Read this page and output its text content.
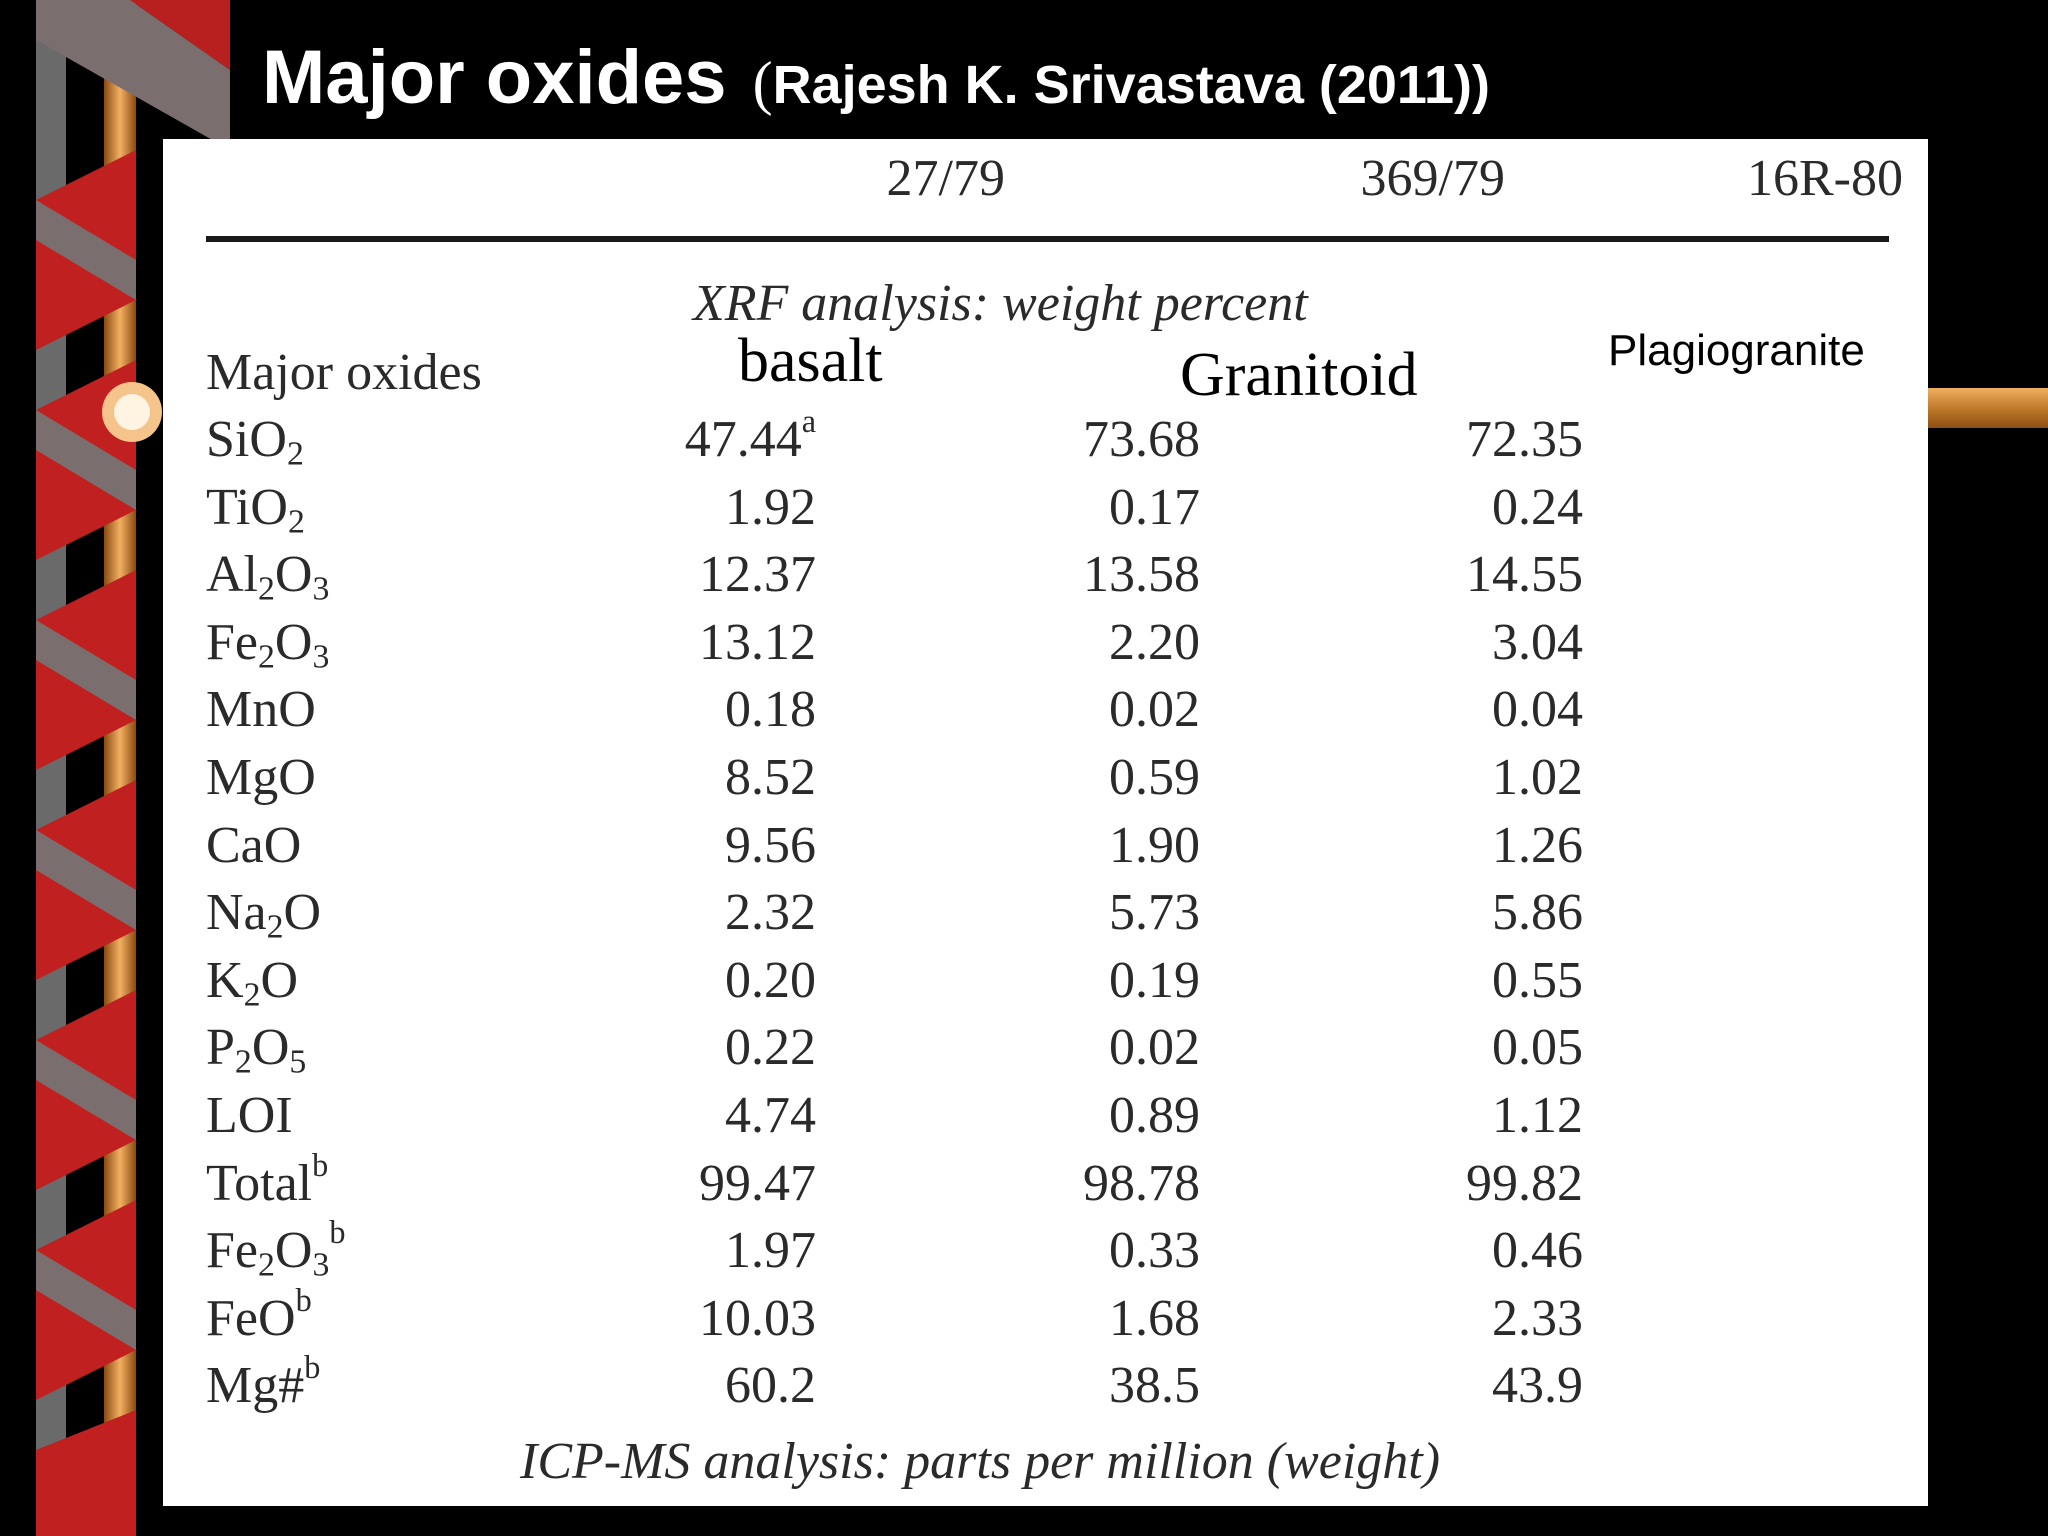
Major oxides (Rajesh K. Srivastava (2011))
27/79	369/79	16R-80
XRF analysis: weight percent
Major oxides	basalt	Granitoid	Plagiogranite
SiO$_2$	47.44$^a$	73.68	72.35
TiO$_2$	1.92	0.17	0.24
$Al_2O_3$	12.37	13.58	14.55
$Fe_2O_3$	13.12	2.20	3.04
MnO	0.18	0.02	0.04
MgO	8.52	0.59	1.02
CaO	9.56	1.90	1.26
$Na_2O$	2.32	5.73	5.86
$K_2O$	0.20	0.19	0.55
$P_2O_5$	0.22	0.02	0.05
LOI	4.74	0.89	1.12
Total$^b$	99.47	98.78	99.82
$Fe_2O_3^b$	1.97	0.33	0.46
FeO$^b$	10.03	1.68	2.33
Mg#$^b$	60.2	38.5	43.9
ICP-MS analysis: parts per million (weight)
